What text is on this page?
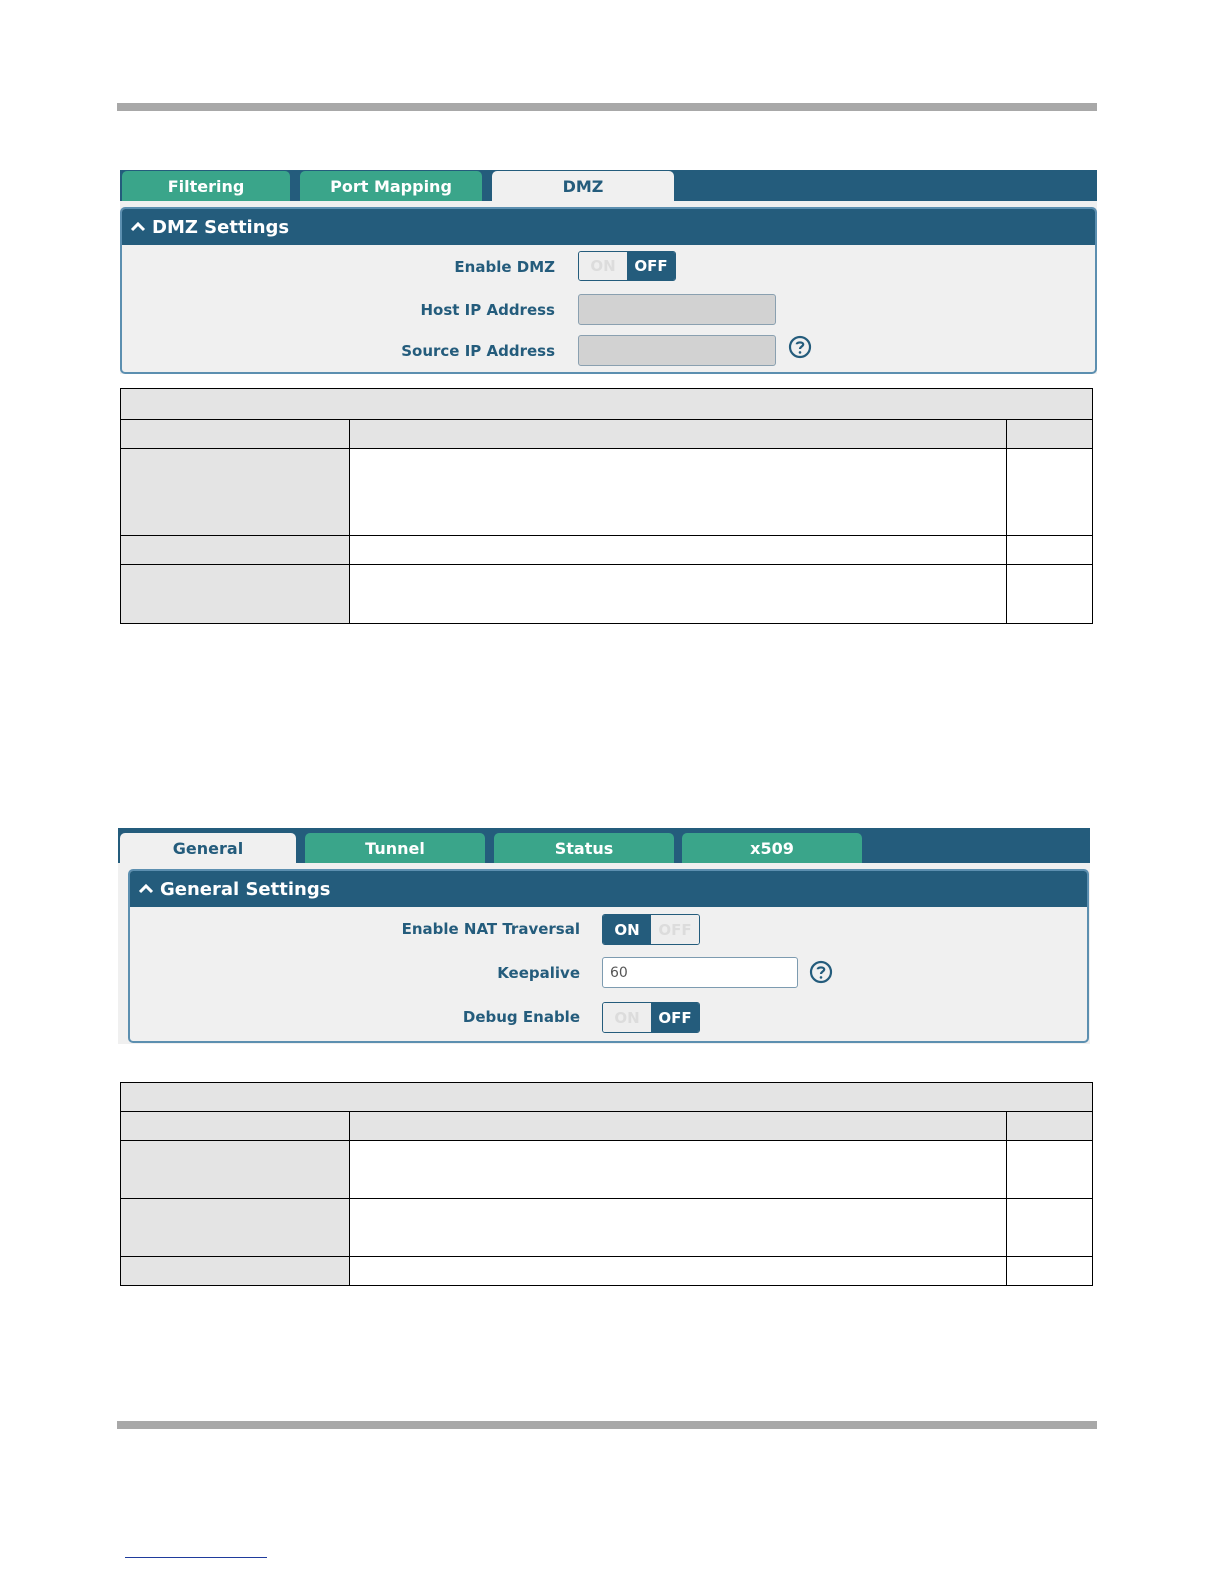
Filtering	Port Mapping	DMZ
DMZ Settings
Enable DMZ	ON	OFF
Host IP Address
Source IP Address

General	Tunnel	Status	x509
General Settings
Enable NAT Traversal	ON	OFF
Keepalive	60
Debug Enable	ON	OFF
